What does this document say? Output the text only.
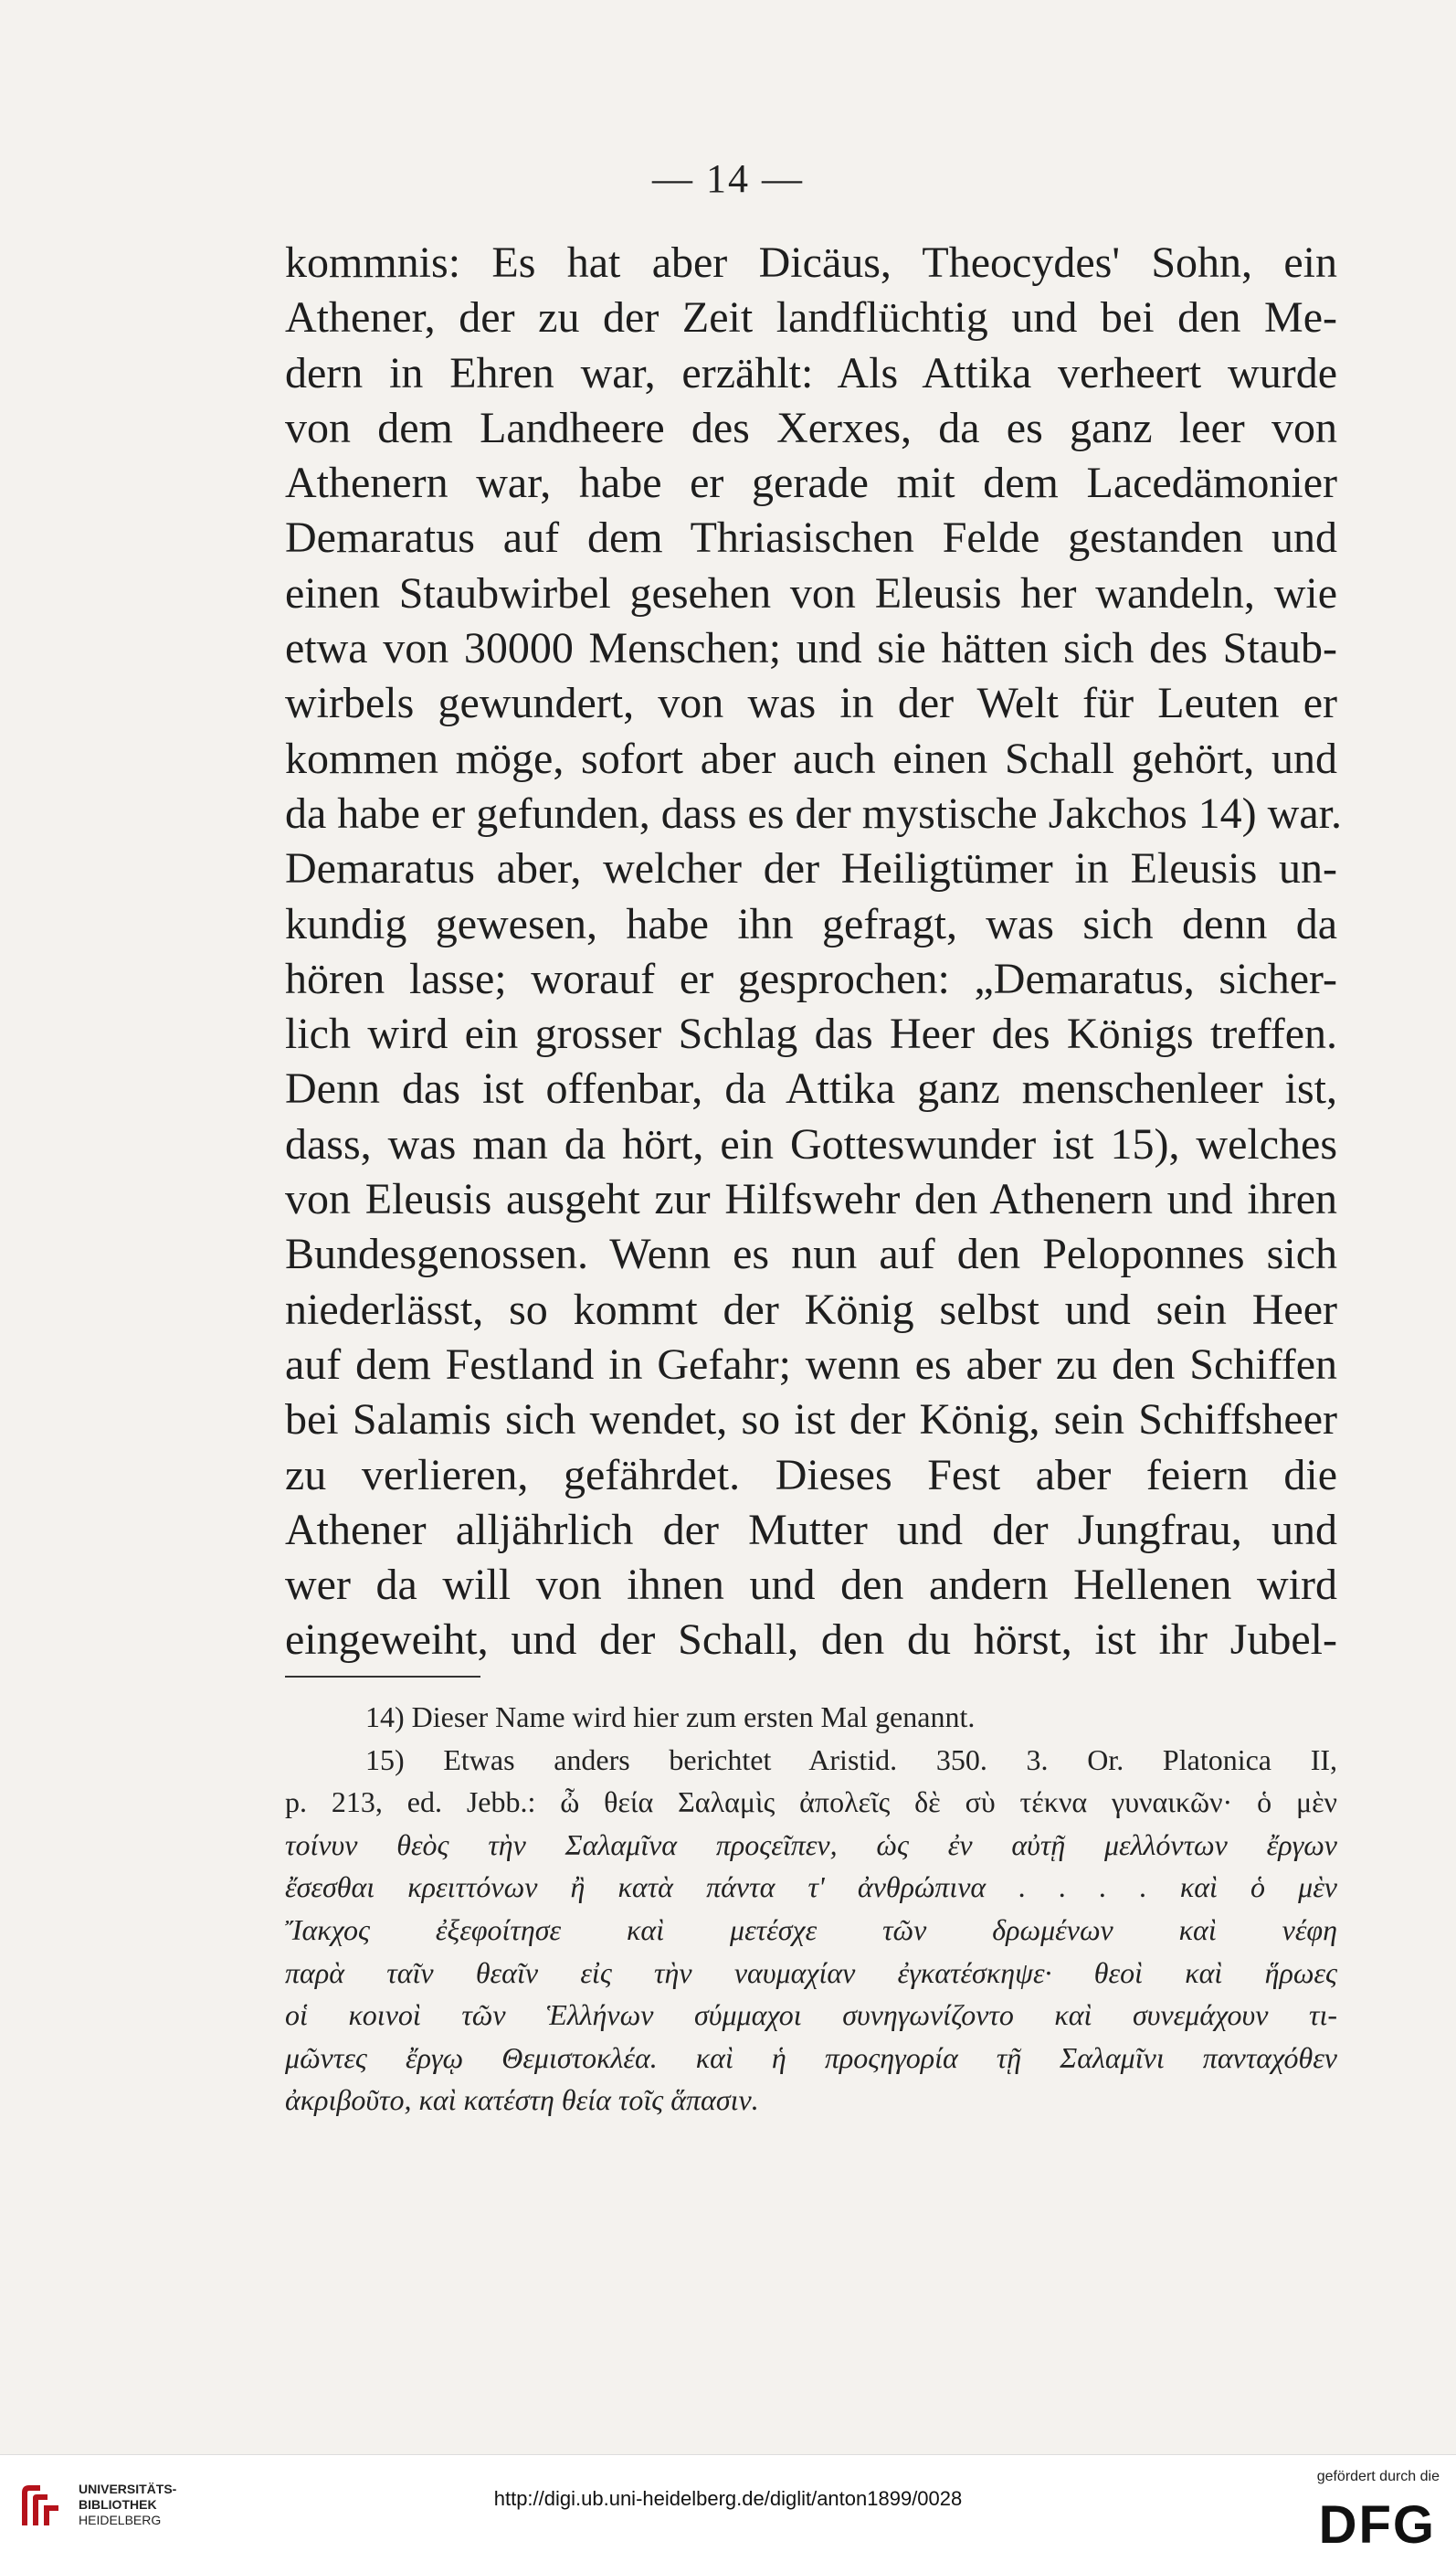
— 14 —
kommnis: Es hat aber Dicäus, Theocydes' Sohn, ein
Athener, der zu der Zeit landflüchtig und bei den Me-
dern in Ehren war, erzählt: Als Attika verheert wurde
von dem Landheere des Xerxes, da es ganz leer von
Athenern war, habe er gerade mit dem Lacedämonier
Demaratus auf dem Thriasischen Felde gestanden und
einen Staubwirbel gesehen von Eleusis her wandeln, wie
etwa von 30000 Menschen; und sie hätten sich des Staub-
wirbels gewundert, von was in der Welt für Leuten er
kommen möge, sofort aber auch einen Schall gehört, und
da habe er gefunden, dass es der mystische Jakchos 14) war.
Demaratus aber, welcher der Heiligtümer in Eleusis un-
kundig gewesen, habe ihn gefragt, was sich denn da
hören lasse; worauf er gesprochen: „Demaratus, sicher-
lich wird ein grosser Schlag das Heer des Königs treffen.
Denn das ist offenbar, da Attika ganz menschenleer ist,
dass, was man da hört, ein Gotteswunder ist 15), welches
von Eleusis ausgeht zur Hilfswehr den Athenern und ihren
Bundesgenossen. Wenn es nun auf den Peloponnes sich
niederlässt, so kommt der König selbst und sein Heer
auf dem Festland in Gefahr; wenn es aber zu den Schiffen
bei Salamis sich wendet, so ist der König, sein Schiffsheer
zu verlieren, gefährdet. Dieses Fest aber feiern die
Athener alljährlich der Mutter und der Jungfrau, und
wer da will von ihnen und den andern Hellenen wird
eingeweiht, und der Schall, den du hörst, ist ihr Jubel-
14) Dieser Name wird hier zum ersten Mal genannt.
15) Etwas anders berichtet Aristid. 350. 3. Or. Platonica II,
p. 213, ed. Jebb.: ὦ θεία Σαλαμὶς ἀπολεῖς δὲ σὺ τέκνα γυναικῶν· ὁ μὲν
τοίνυν θεὸς τὴν Σαλαμῖνα προςεῖπεν, ὡς ἐν αὐτῇ μελλόντων ἔργων
ἔσεσθαι κρειττόνων ἢ κατὰ πάντα τ' ἀνθρώπινα . . . . καὶ ὁ μὲν
Ἴακχος ἐξεφοίτησε καὶ μετέσχε τῶν δρωμένων καὶ νέφη
παρὰ ταῖν θεαῖν εἰς τὴν ναυμαχίαν ἐγκατέσκηψε· θεοὶ καὶ ἥρωες
οἱ κοινοὶ τῶν Ἑλλήνων σύμμαχοι συνηγωνίζοντο καὶ συνεμάχουν τι-
μῶντες ἔργῳ Θεμιστοκλέα. καὶ ἡ προςηγορία τῇ Σαλαμῖνι πανταχόθεν
ἀκριβοῦτο, καὶ κατέστη θεία τοῖς ἅπασιν.
UNIVERSITÄTS-
BIBLIOTHEK
HEIDELBERG
http://digi.ub.uni-heidelberg.de/diglit/anton1899/0028
gefördert durch die
DFG
